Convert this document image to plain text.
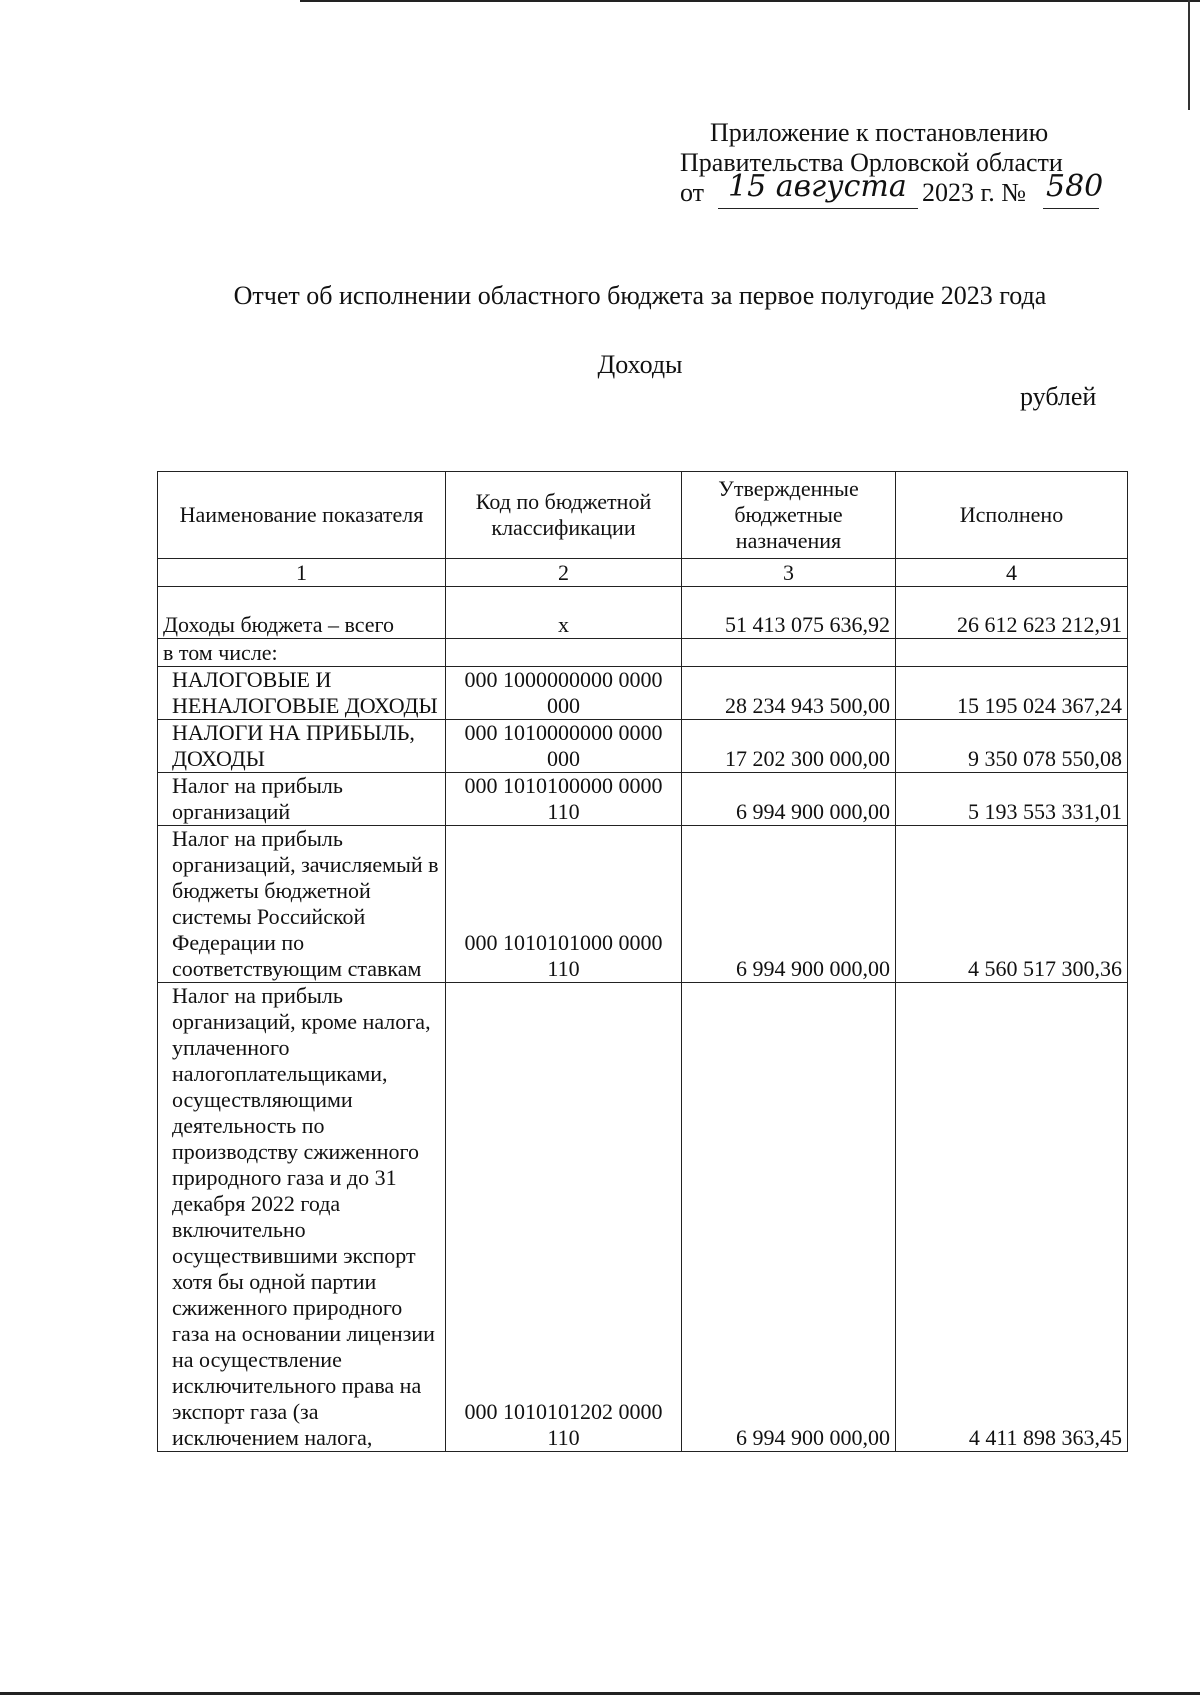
Приложение к постановлению
Правительства Орловской области
от 15 августа 2023 г. № 580
Отчет об исполнении областного бюджета за первое полугодие 2023 года
Доходы
рублей
Наименование показателя	Код по бюджетной классификации	Утвержденные бюджетные назначения	Исполнено
1	2	3	4
Доходы бюджета – всего	x	51 413 075 636,92	26 612 623 212,91
в том числе:			
НАЛОГОВЫЕ И НЕНАЛОГОВЫЕ ДОХОДЫ	000 1000000000 0000 000	28 234 943 500,00	15 195 024 367,24
НАЛОГИ НА ПРИБЫЛЬ, ДОХОДЫ	000 1010000000 0000 000	17 202 300 000,00	9 350 078 550,08
Налог на прибыль организаций	000 1010100000 0000 110	6 994 900 000,00	5 193 553 331,01
Налог на прибыль организаций, зачисляемый в бюджеты бюджетной системы Российской Федерации по соответствующим ставкам	000 1010101000 0000 110	6 994 900 000,00	4 560 517 300,36
Налог на прибыль организаций, кроме налога, уплаченного налогоплательщиками, осуществляющими деятельность по производству сжиженного природного газа и до 31 декабря 2022 года включительно осуществившими экспорт хотя бы одной партии сжиженного природного газа на основании лицензии на осуществление исключительного права на экспорт газа (за исключением налога,	000 1010101202 0000 110	6 994 900 000,00	4 411 898 363,45
